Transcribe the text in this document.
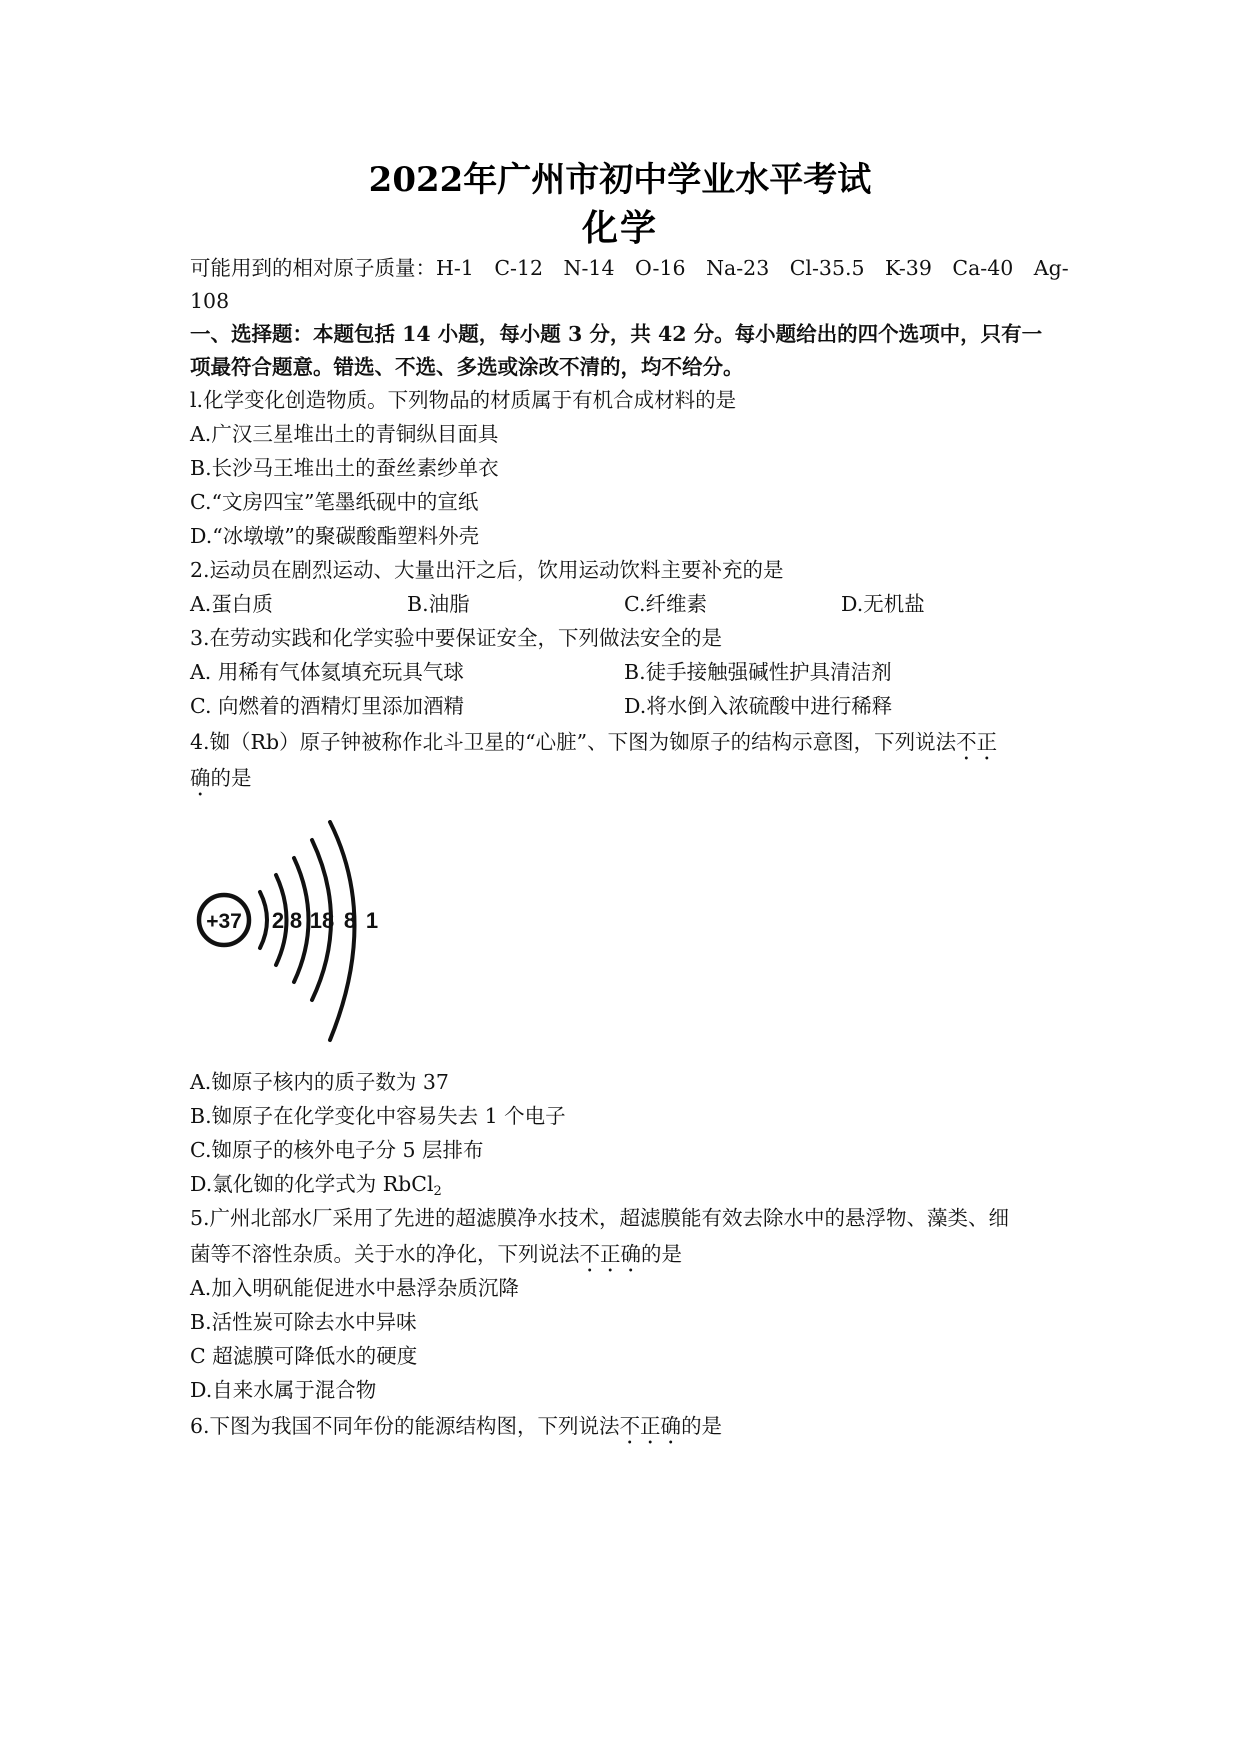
2022年广州市初中学业水平考试
化学
可能用到的相对原子质量：H-1　C-12　N-14　O-16　Na-23　Cl-35.5　K-39　Ca-40　Ag-
108
一、选择题：本题包括 14 小题，每小题 3 分，共 42 分。每小题给出的四个选项中，只有一
项最符合题意。错选、不选、多选或涂改不清的，均不给分。
l.化学变化创造物质。下列物品的材质属于有机合成材料的是
A.广汉三星堆出土的青铜纵目面具
B.长沙马王堆出土的蚕丝素纱单衣
C.“文房四宝”笔墨纸砚中的宣纸
D.“冰墩墩”的聚碳酸酯塑料外壳
2.运动员在剧烈运动、大量出汗之后，饮用运动饮料主要补充的是
A.蛋白质	B.油脂	C.纤维素	D.无机盐
3.在劳动实践和化学实验中要保证安全，下列做法安全的是
A. 用稀有气体氦填充玩具气球	B.徒手接触强碱性护具清洁剂
C. 向燃着的酒精灯里添加酒精	D.将水倒入浓硫酸中进行稀释
4.铷（Rb）原子钟被称作北斗卫星的“心脏”、下图为铷原子的结构示意图，下列说法不正
确的是
+37 2 8 18 8 1
A.铷原子核内的质子数为 37
B.铷原子在化学变化中容易失去 1 个电子
C.铷原子的核外电子分 5 层排布
D.氯化铷的化学式为 RbCl$_2$
5.广州北部水厂采用了先进的超滤膜净水技术，超滤膜能有效去除水中的悬浮物、藻类、细
菌等不溶性杂质。关于水的净化，下列说法不正确的是
A.加入明矾能促进水中悬浮杂质沉降
B.活性炭可除去水中异味
C 超滤膜可降低水的硬度
D.自来水属于混合物
6.下图为我国不同年份的能源结构图，下列说法不正确的是
